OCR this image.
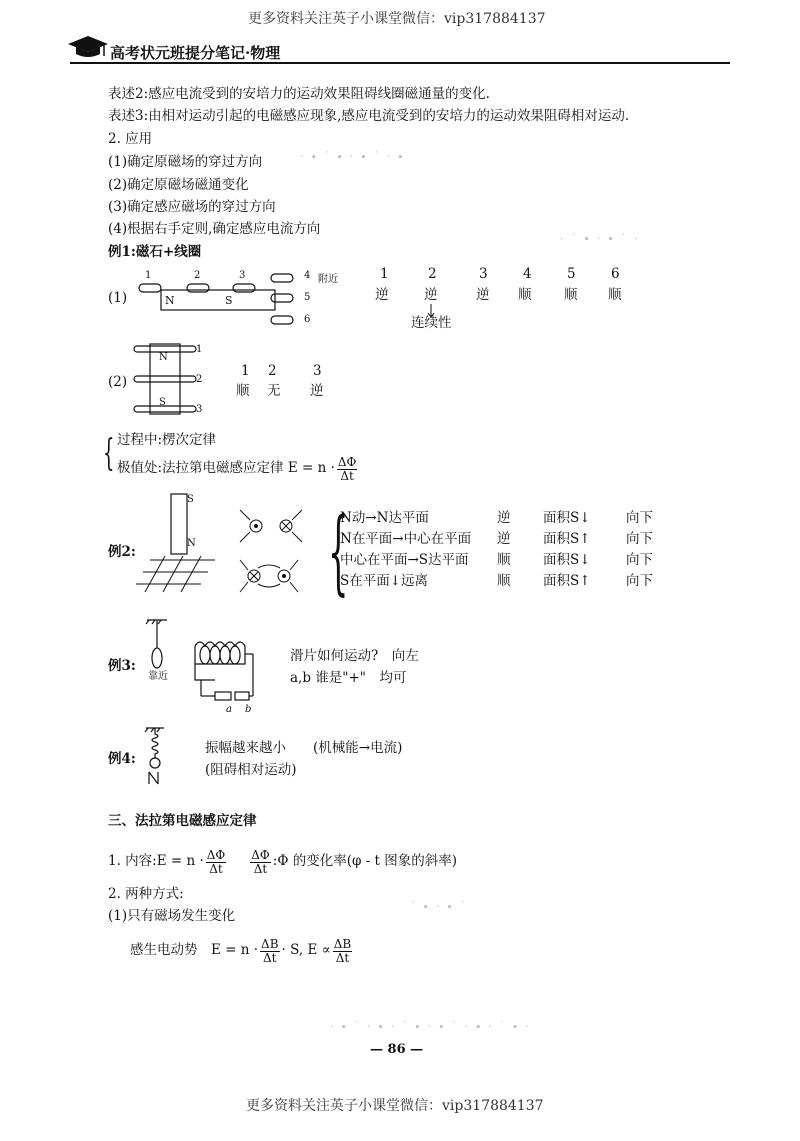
更多资料关注英子小课堂微信：vip317884137
更多资料关注英子小课堂微信：vip317884137
高考状元班提分笔记·物理
表述2:感应电流受到的安培力的运动效果阻碍线圈磁通量的变化.
表述3:由相对运动引起的电磁感应现象,感应电流受到的安培力的运动效果阻碍相对运动.
2. 应用
(1)确定原磁场的穿过方向
(2)确定原磁场磁通变化
(3)确定感应磁场的穿过方向
(4)根据右手定则,确定感应电流方向
例1:磁石+线圈
(1)
1	2	3
N	S
4 附近
5
6
1	2	3	4	5	6
逆	逆	逆 顺 顺 顺
连续性
(2)
N
S
1
2
3
1 2	3
顺 无 逆
{ 过程中:楞次定律
极值处:法拉第电磁感应定律 $E = n \cdot \frac{\Delta\Phi}{\Delta t}$
例2:
S
N {
N动→N达平面	逆 面积S↓	向下
N在平面→中心在平面 逆 面积S↑	向下
中心在平面→S达平面 顺 面积S↓	向下
S在平面↓远离	顺 面积S↑	向下
例3:
靠近
a b
滑片如何运动?　向左
a,b 谁是"+"　均可
例4:
振幅越来越小　　(机械能→电流)
(阻碍相对运动)
三、法拉第电磁感应定律
1. 内容:E = $n \cdot \frac{\Delta\Phi}{\Delta t} \frac{\Delta\Phi}{\Delta t}$ :Φ 的变化率(φ - t 图象的斜率)
2. 两种方式:
(1)只有磁场发生变化
感生电动势　$E = n \cdot \frac{\Delta B}{\Delta t} \cdot S$, $E \propto \frac{\Delta B}{\Delta t}$
· ∙ ˙ ∙ · ∙ ˙ · ∙
· ˙ ∙ · ∙ ˙ ·
· ∙ ˙ · ∙ · ˙ ∙ · ∙ ˙ · ∙ · ˙ ∙ ·
˙ ∙ · ∙ ˙
— 86 —
